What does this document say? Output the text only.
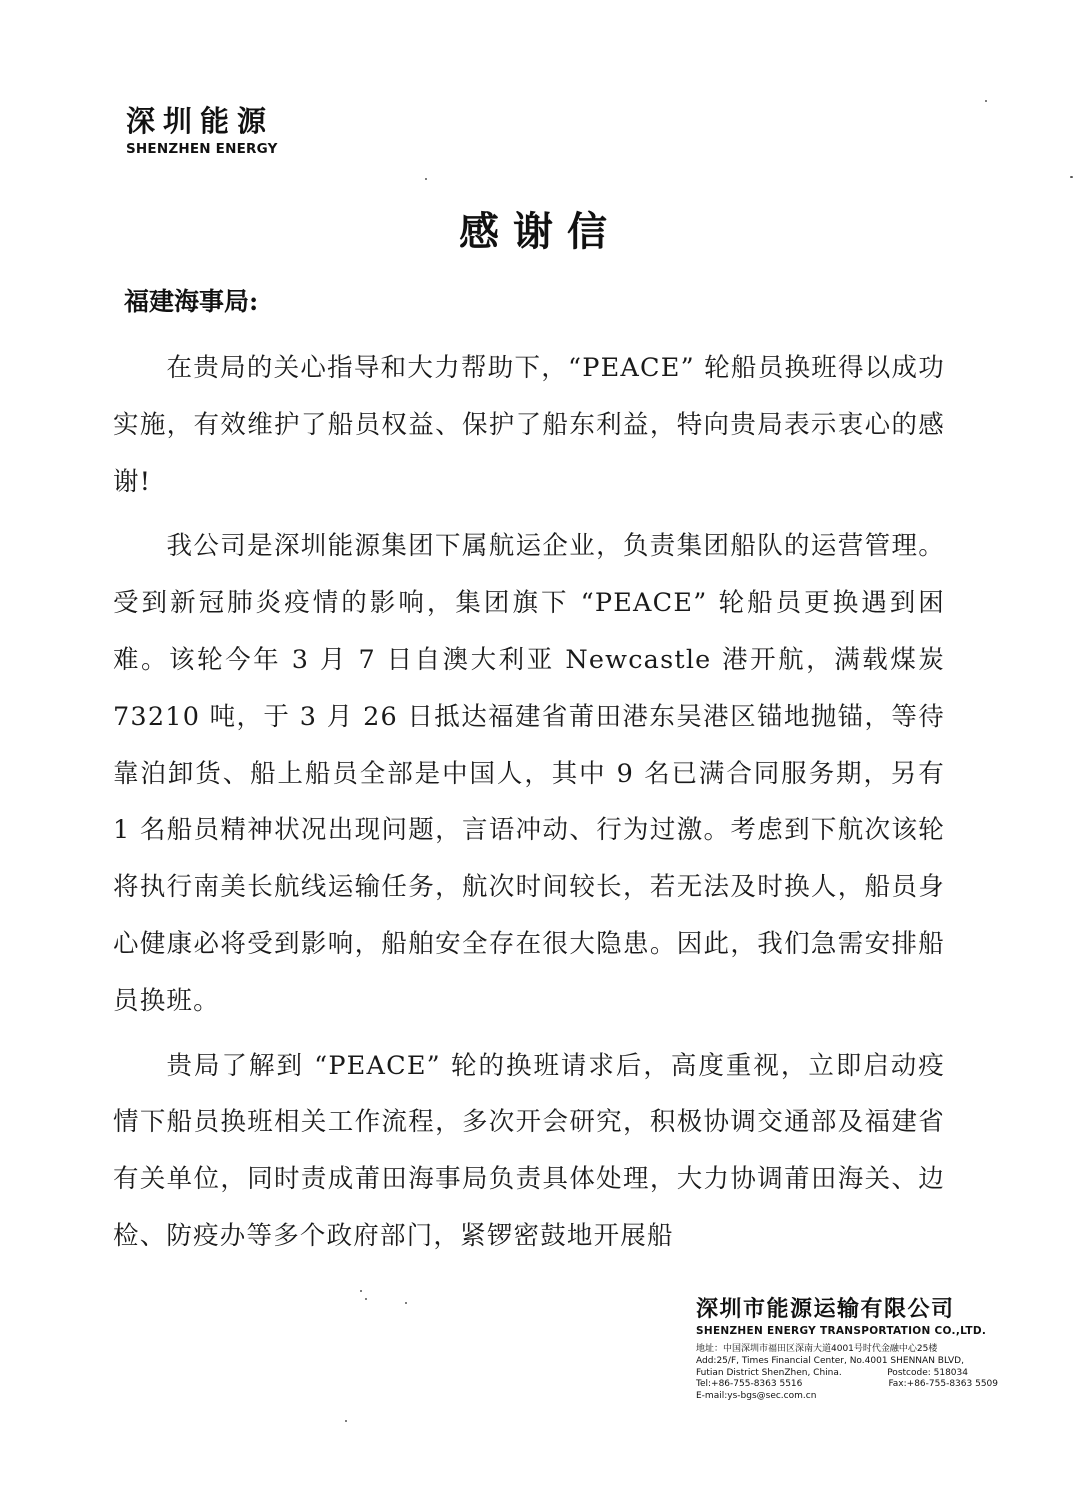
深圳能源
SHENZHEN ENERGY
感谢信
福建海事局:

在贵局的关心指导和大力帮助下，“PEACE” 轮船员换班得以成功实施，有效维护了船员权益、保护了船东利益，特向贵局表示衷心的感谢!

我公司是深圳能源集团下属航运企业，负责集团船队的运营管理。受到新冠肺炎疫情的影响，集团旗下 “PEACE” 轮船员更换遇到困难。该轮今年 3 月 7 日自澳大利亚 Newcastle 港开航，满载煤炭 73210 吨，于 3 月 26 日抵达福建省莆田港东吴港区锚地抛锚，等待靠泊卸货、船上船员全部是中国人，其中 9 名已满合同服务期，另有 1 名船员精神状况出现问题，言语冲动、行为过激。考虑到下航次该轮将执行南美长航线运输任务，航次时间较长，若无法及时换人，船员身心健康必将受到影响，船舶安全存在很大隐患。因此，我们急需安排船员换班。

贵局了解到 “PEACE” 轮的换班请求后，高度重视，立即启动疫情下船员换班相关工作流程，多次开会研究，积极协调交通部及福建省有关单位，同时责成莆田海事局负责具体处理，大力协调莆田海关、边检、防疫办等多个政府部门，紧锣密鼓地开展船

深圳市能源运输有限公司
SHENZHEN ENERGY TRANSPORTATION CO.,LTD.
地址：中国深圳市福田区深南大道4001号时代金融中心25楼
Add:25/F, Times Financial Center, No.4001 SHENNAN BLVD,
Futian District ShenZhen, China.	Postcode: 518034
Tel:+86-755-8363 5516	Fax:+86-755-8363 5509
E-mail:ys-bgs@sec.com.cn
